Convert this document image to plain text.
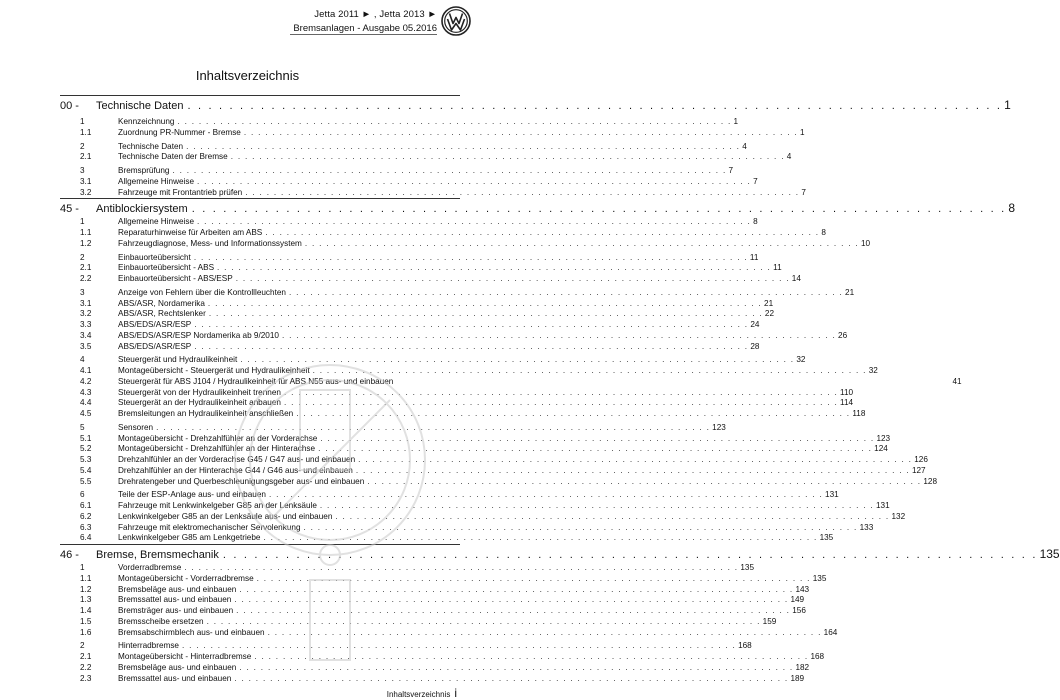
Jetta 2011 ► , Jetta 2013 ►
Bremsanlagen - Ausgabe 05.2016
Inhaltsverzeichnis
00 -	Technische Daten . . . . . . . . . . . . . . . . . . . . . . . . . . . . . . . . . . . . . . . . . . . . . . . . . . . . . . . . . . . . . . . . . . . . . . . . . . . . . . 1
1	Kennzeichnung . . . . . . . . . . . . . . . . . . . . . . . . . . . . . . . . . . . . . . . . . . . . . . . . . . . . . . . . . . . . . . . . . . . . . . . . . . . . . . 1
1.1	Zuordnung PR-Nummer - Bremse . . . . . . . . . . . . . . . . . . . . . . . . . . . . . . . . . . . . . . . . . . . . . . . . . . . . . . . . . . . . . . . . . . . . . . . . . . . . . . 1
2	Technische Daten . . . . . . . . . . . . . . . . . . . . . . . . . . . . . . . . . . . . . . . . . . . . . . . . . . . . . . . . . . . . . . . . . . . . . . . . . . . . . . 4
2.1	Technische Daten der Bremse . . . . . . . . . . . . . . . . . . . . . . . . . . . . . . . . . . . . . . . . . . . . . . . . . . . . . . . . . . . . . . . . . . . . . . . . . . . . . . 4
3	Bremsprüfung . . . . . . . . . . . . . . . . . . . . . . . . . . . . . . . . . . . . . . . . . . . . . . . . . . . . . . . . . . . . . . . . . . . . . . . . . . . . . . 7
3.1	Allgemeine Hinweise . . . . . . . . . . . . . . . . . . . . . . . . . . . . . . . . . . . . . . . . . . . . . . . . . . . . . . . . . . . . . . . . . . . . . . . . . . . . . . 7
3.2	Fahrzeuge mit Frontantrieb prüfen . . . . . . . . . . . . . . . . . . . . . . . . . . . . . . . . . . . . . . . . . . . . . . . . . . . . . . . . . . . . . . . . . . . . . . . . . . . . . . 7
45 -	Antiblockiersystem . . . . . . . . . . . . . . . . . . . . . . . . . . . . . . . . . . . . . . . . . . . . . . . . . . . . . . . . . . . . . . . . . . . . . . . . . . . . . . 8
1	Allgemeine Hinweise . . . . . . . . . . . . . . . . . . . . . . . . . . . . . . . . . . . . . . . . . . . . . . . . . . . . . . . . . . . . . . . . . . . . . . . . . . . . . . 8
1.1	Reparaturhinweise für Arbeiten am ABS . . . . . . . . . . . . . . . . . . . . . . . . . . . . . . . . . . . . . . . . . . . . . . . . . . . . . . . . . . . . . . . . . . . . . . . . . . . . . . 8
1.2	Fahrzeugdiagnose, Mess- und Informationssystem . . . . . . . . . . . . . . . . . . . . . . . . . . . . . . . . . . . . . . . . . . . . . . . . . . . . . . . . . . . . . . . . . . . . . . . . . . . . . . 10
2	Einbauorteübersicht . . . . . . . . . . . . . . . . . . . . . . . . . . . . . . . . . . . . . . . . . . . . . . . . . . . . . . . . . . . . . . . . . . . . . . . . . . . . . . 11
2.1	Einbauorteübersicht - ABS . . . . . . . . . . . . . . . . . . . . . . . . . . . . . . . . . . . . . . . . . . . . . . . . . . . . . . . . . . . . . . . . . . . . . . . . . . . . . . 11
2.2	Einbauorteübersicht - ABS/ESP . . . . . . . . . . . . . . . . . . . . . . . . . . . . . . . . . . . . . . . . . . . . . . . . . . . . . . . . . . . . . . . . . . . . . . . . . . . . . . 14
3	Anzeige von Fehlern über die Kontrollleuchten . . . . . . . . . . . . . . . . . . . . . . . . . . . . . . . . . . . . . . . . . . . . . . . . . . . . . . . . . . . . . . . . . . . . . . . . . . . . . . 21
3.1	ABS/ASR, Nordamerika . . . . . . . . . . . . . . . . . . . . . . . . . . . . . . . . . . . . . . . . . . . . . . . . . . . . . . . . . . . . . . . . . . . . . . . . . . . . . . 21
3.2	ABS/ASR, Rechtslenker . . . . . . . . . . . . . . . . . . . . . . . . . . . . . . . . . . . . . . . . . . . . . . . . . . . . . . . . . . . . . . . . . . . . . . . . . . . . . . 22
3.3	ABS/EDS/ASR/ESP . . . . . . . . . . . . . . . . . . . . . . . . . . . . . . . . . . . . . . . . . . . . . . . . . . . . . . . . . . . . . . . . . . . . . . . . . . . . . . 24
3.4	ABS/EDS/ASR/ESP Nordamerika ab 9/2010 . . . . . . . . . . . . . . . . . . . . . . . . . . . . . . . . . . . . . . . . . . . . . . . . . . . . . . . . . . . . . . . . . . . . . . . . . . . . . . 26
3.5	ABS/EDS/ASR/ESP . . . . . . . . . . . . . . . . . . . . . . . . . . . . . . . . . . . . . . . . . . . . . . . . . . . . . . . . . . . . . . . . . . . . . . . . . . . . . . 28
4	Steuergerät und Hydraulikeinheit . . . . . . . . . . . . . . . . . . . . . . . . . . . . . . . . . . . . . . . . . . . . . . . . . . . . . . . . . . . . . . . . . . . . . . . . . . . . . . 32
4.1	Montageübersicht - Steuergerät und Hydraulikeinheit . . . . . . . . . . . . . . . . . . . . . . . . . . . . . . . . . . . . . . . . . . . . . . . . . . . . . . . . . . . . . . . . . . . . . . . . . . . . . . 32
4.2	Steuergerät für ABS J104 / Hydraulikeinheit für ABS N55 aus- und einbauen	41
4.3	Steuergerät von der Hydraulikeinheit trennen . . . . . . . . . . . . . . . . . . . . . . . . . . . . . . . . . . . . . . . . . . . . . . . . . . . . . . . . . . . . . . . . . . . . . . . . . . . . . . 110
4.4	Steuergerät an der Hydraulikeinheit anbauen . . . . . . . . . . . . . . . . . . . . . . . . . . . . . . . . . . . . . . . . . . . . . . . . . . . . . . . . . . . . . . . . . . . . . . . . . . . . . . 114
4.5	Bremsleitungen an Hydraulikeinheit anschließen . . . . . . . . . . . . . . . . . . . . . . . . . . . . . . . . . . . . . . . . . . . . . . . . . . . . . . . . . . . . . . . . . . . . . . . . . . . . . . 118
5	Sensoren . . . . . . . . . . . . . . . . . . . . . . . . . . . . . . . . . . . . . . . . . . . . . . . . . . . . . . . . . . . . . . . . . . . . . . . . . . . . . . 123
5.1	Montageübersicht - Drehzahlfühler an der Vorderachse . . . . . . . . . . . . . . . . . . . . . . . . . . . . . . . . . . . . . . . . . . . . . . . . . . . . . . . . . . . . . . . . . . . . . . . . . . . . . . 123
5.2	Montageübersicht - Drehzahlfühler an der Hinterachse . . . . . . . . . . . . . . . . . . . . . . . . . . . . . . . . . . . . . . . . . . . . . . . . . . . . . . . . . . . . . . . . . . . . . . . . . . . . . . 124
5.3	Drehzahlfühler an der Vorderachse G45 / G47 aus- und einbauen . . . . . . . . . . . . . . . . . . . . . . . . . . . . . . . . . . . . . . . . . . . . . . . . . . . . . . . . . . . . . . . . . . . . . . . . . . . . . . 126
5.4	Drehzahlfühler an der Hinterachse G44 / G46 aus- und einbauen . . . . . . . . . . . . . . . . . . . . . . . . . . . . . . . . . . . . . . . . . . . . . . . . . . . . . . . . . . . . . . . . . . . . . . . . . . . . . . 127
5.5	Drehratengeber und Querbeschleunigungsgeber aus- und einbauen . . . . . . . . . . . . . . . . . . . . . . . . . . . . . . . . . . . . . . . . . . . . . . . . . . . . . . . . . . . . . . . . . . . . . . . . . . . . . . 128
6	Teile der ESP-Anlage aus- und einbauen . . . . . . . . . . . . . . . . . . . . . . . . . . . . . . . . . . . . . . . . . . . . . . . . . . . . . . . . . . . . . . . . . . . . . . . . . . . . . . 131
6.1	Fahrzeuge mit Lenkwinkelgeber G85 an der Lenksäule . . . . . . . . . . . . . . . . . . . . . . . . . . . . . . . . . . . . . . . . . . . . . . . . . . . . . . . . . . . . . . . . . . . . . . . . . . . . . . 131
6.2	Lenkwinkelgeber G85 an der Lenksäule aus- und einbauen . . . . . . . . . . . . . . . . . . . . . . . . . . . . . . . . . . . . . . . . . . . . . . . . . . . . . . . . . . . . . . . . . . . . . . . . . . . . . . 132
6.3	Fahrzeuge mit elektromechanischer Servolenkung . . . . . . . . . . . . . . . . . . . . . . . . . . . . . . . . . . . . . . . . . . . . . . . . . . . . . . . . . . . . . . . . . . . . . . . . . . . . . . 133
6.4	Lenkwinkelgeber G85 am Lenkgetriebe . . . . . . . . . . . . . . . . . . . . . . . . . . . . . . . . . . . . . . . . . . . . . . . . . . . . . . . . . . . . . . . . . . . . . . . . . . . . . . 135
46 -	Bremse, Bremsmechanik . . . . . . . . . . . . . . . . . . . . . . . . . . . . . . . . . . . . . . . . . . . . . . . . . . . . . . . . . . . . . . . . . . . . . . . . . . . . . . 135
1	Vorderradbremse . . . . . . . . . . . . . . . . . . . . . . . . . . . . . . . . . . . . . . . . . . . . . . . . . . . . . . . . . . . . . . . . . . . . . . . . . . . . . . 135
1.1	Montageübersicht - Vorderradbremse . . . . . . . . . . . . . . . . . . . . . . . . . . . . . . . . . . . . . . . . . . . . . . . . . . . . . . . . . . . . . . . . . . . . . . . . . . . . . . 135
1.2	Bremsbeläge aus- und einbauen . . . . . . . . . . . . . . . . . . . . . . . . . . . . . . . . . . . . . . . . . . . . . . . . . . . . . . . . . . . . . . . . . . . . . . . . . . . . . . 143
1.3	Bremssattel aus- und einbauen . . . . . . . . . . . . . . . . . . . . . . . . . . . . . . . . . . . . . . . . . . . . . . . . . . . . . . . . . . . . . . . . . . . . . . . . . . . . . . 149
1.4	Bremsträger aus- und einbauen . . . . . . . . . . . . . . . . . . . . . . . . . . . . . . . . . . . . . . . . . . . . . . . . . . . . . . . . . . . . . . . . . . . . . . . . . . . . . . 156
1.5	Bremsscheibe ersetzen . . . . . . . . . . . . . . . . . . . . . . . . . . . . . . . . . . . . . . . . . . . . . . . . . . . . . . . . . . . . . . . . . . . . . . . . . . . . . . 159
1.6	Bremsabschirmblech aus- und einbauen . . . . . . . . . . . . . . . . . . . . . . . . . . . . . . . . . . . . . . . . . . . . . . . . . . . . . . . . . . . . . . . . . . . . . . . . . . . . . . 164
2	Hinterradbremse . . . . . . . . . . . . . . . . . . . . . . . . . . . . . . . . . . . . . . . . . . . . . . . . . . . . . . . . . . . . . . . . . . . . . . . . . . . . . . 168
2.1	Montageübersicht - Hinterradbremse . . . . . . . . . . . . . . . . . . . . . . . . . . . . . . . . . . . . . . . . . . . . . . . . . . . . . . . . . . . . . . . . . . . . . . . . . . . . . . 168
2.2	Bremsbeläge aus- und einbauen . . . . . . . . . . . . . . . . . . . . . . . . . . . . . . . . . . . . . . . . . . . . . . . . . . . . . . . . . . . . . . . . . . . . . . . . . . . . . . 182
2.3	Bremssattel aus- und einbauen . . . . . . . . . . . . . . . . . . . . . . . . . . . . . . . . . . . . . . . . . . . . . . . . . . . . . . . . . . . . . . . . . . . . . . . . . . . . . . 189
Inhaltsverzeichnis i
